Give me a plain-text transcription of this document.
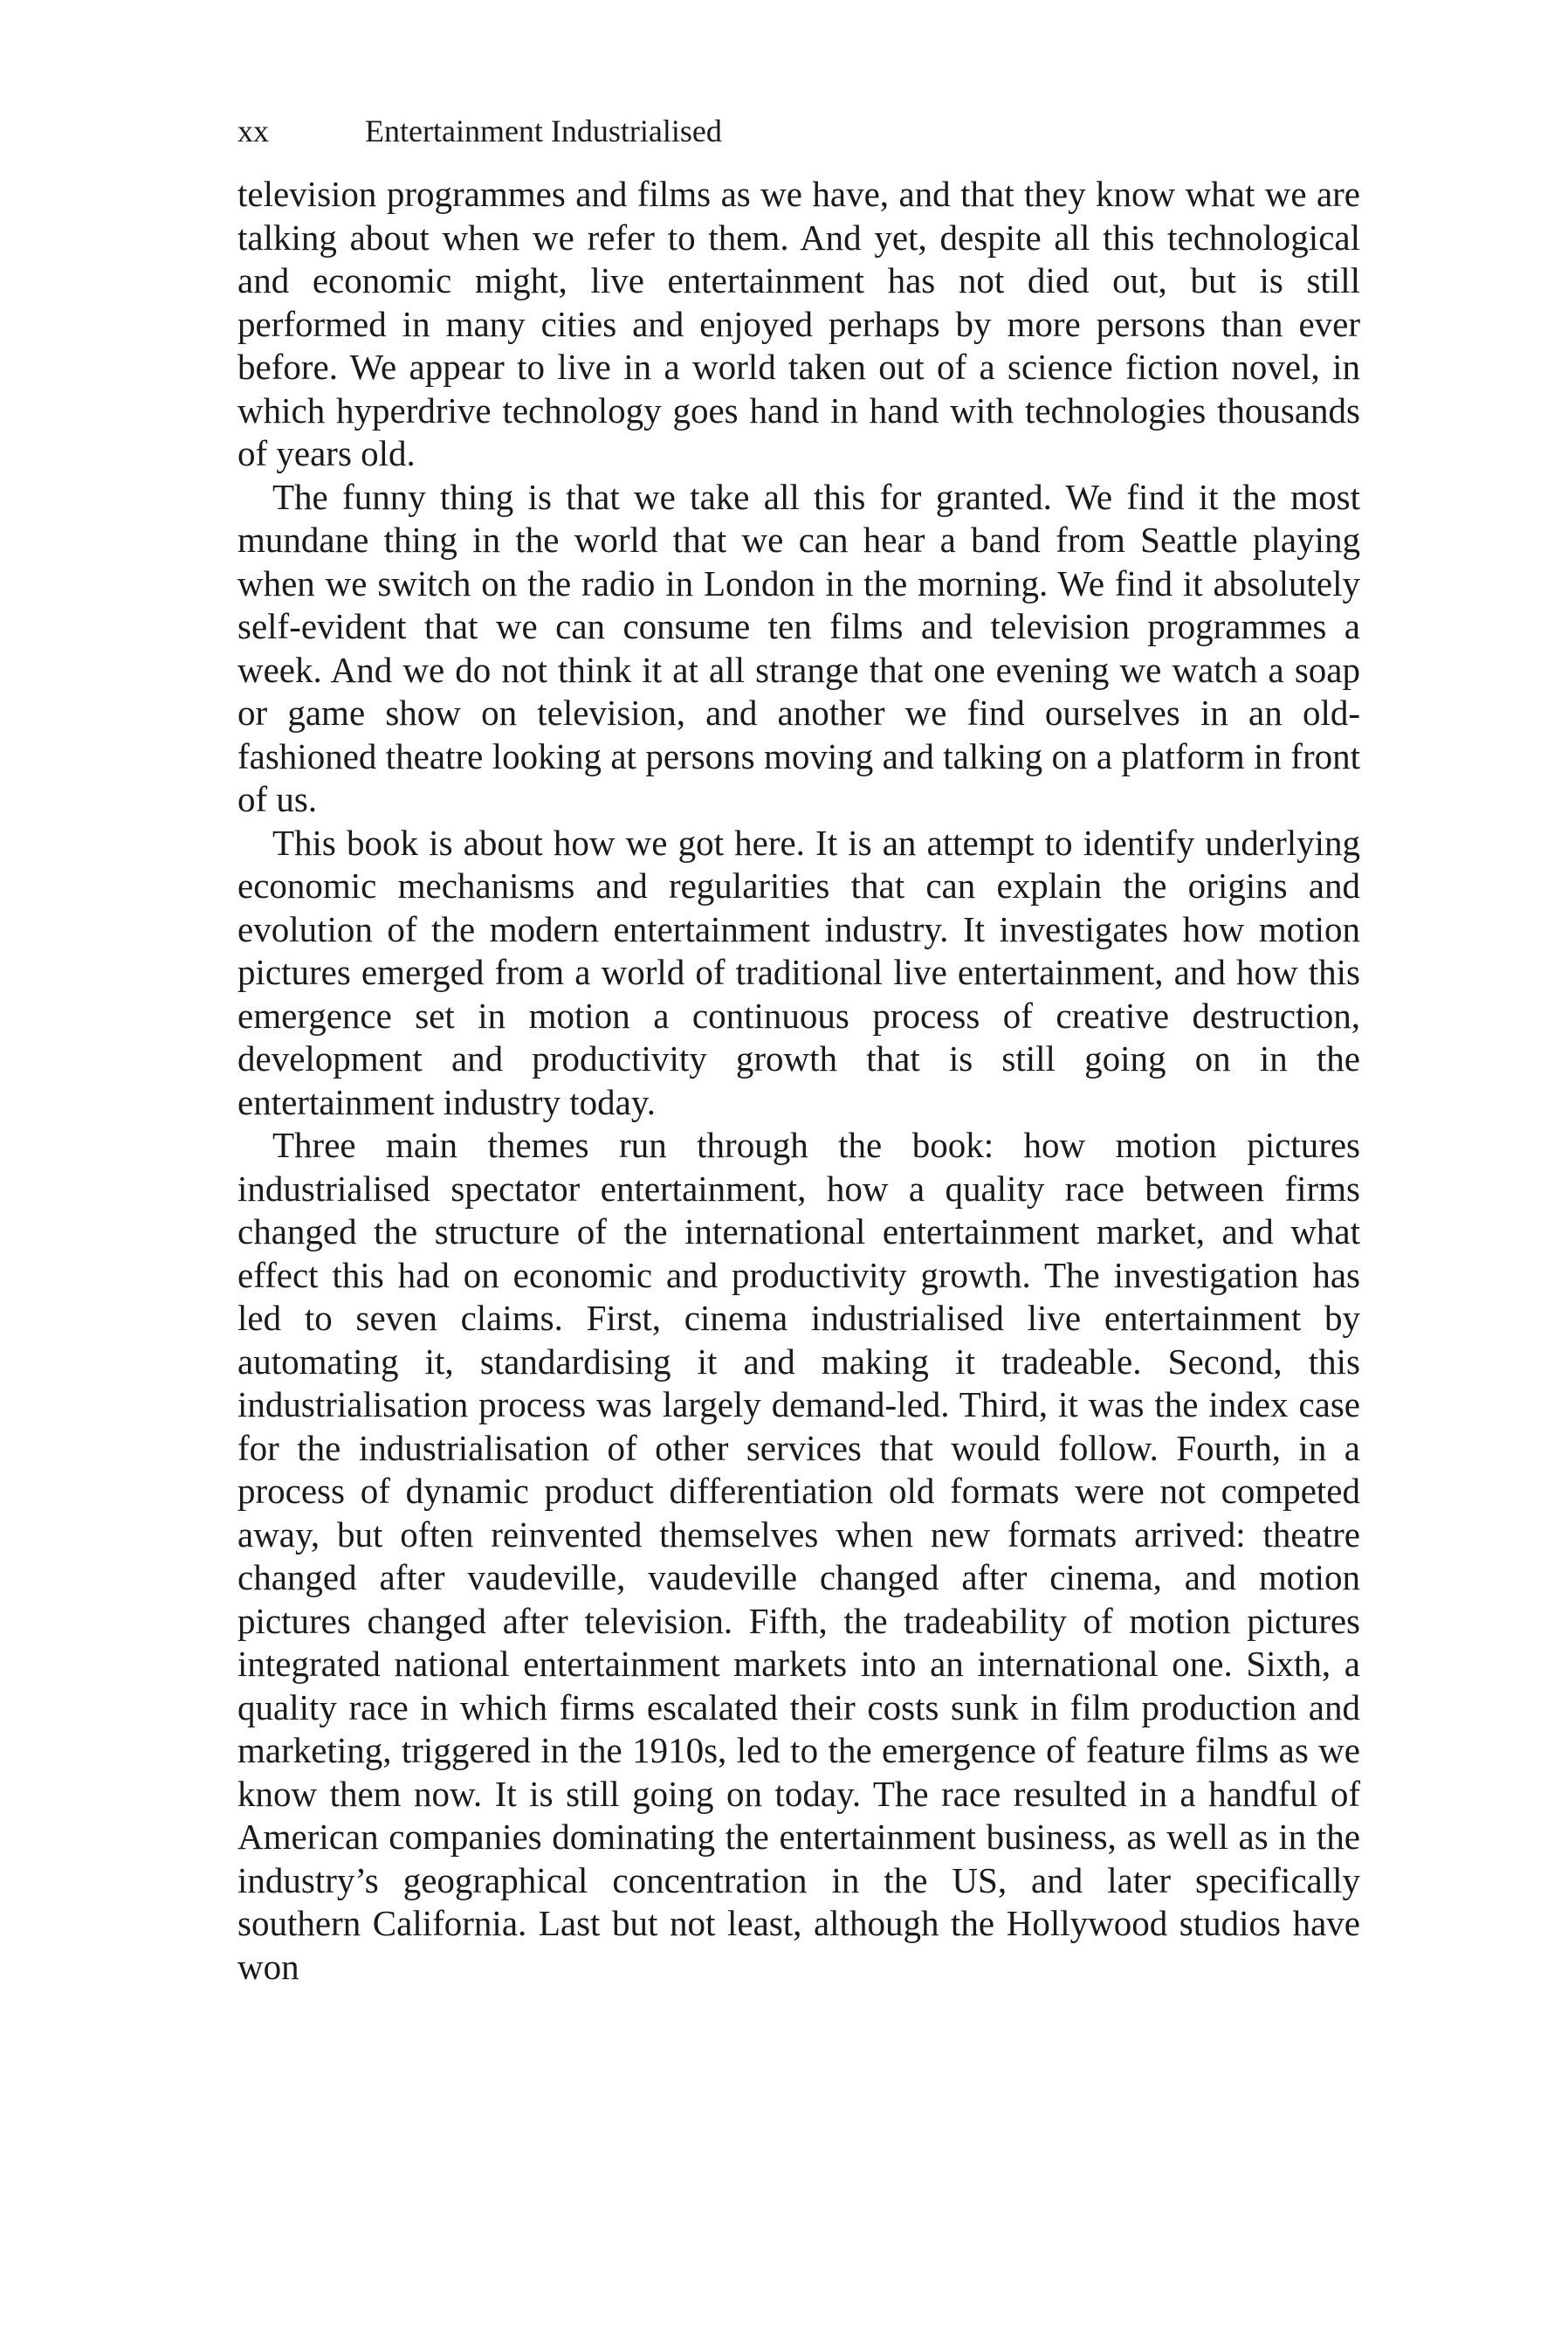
xx	Entertainment Industrialised

television programmes and films as we have, and that they know what we are talking about when we refer to them. And yet, despite all this technological and economic might, live entertainment has not died out, but is still performed in many cities and enjoyed perhaps by more persons than ever before. We appear to live in a world taken out of a science fiction novel, in which hyperdrive technology goes hand in hand with technologies thousands of years old.

The funny thing is that we take all this for granted. We find it the most mundane thing in the world that we can hear a band from Seattle playing when we switch on the radio in London in the morning. We find it absolutely self-evident that we can consume ten films and television programmes a week. And we do not think it at all strange that one evening we watch a soap or game show on television, and another we find ourselves in an old-fashioned theatre looking at persons moving and talking on a platform in front of us.

This book is about how we got here. It is an attempt to identify underlying economic mechanisms and regularities that can explain the origins and evolution of the modern entertainment industry. It investigates how motion pictures emerged from a world of traditional live entertainment, and how this emergence set in motion a continuous process of creative destruction, development and productivity growth that is still going on in the entertainment industry today.

Three main themes run through the book: how motion pictures industrialised spectator entertainment, how a quality race between firms changed the structure of the international entertainment market, and what effect this had on economic and productivity growth. The investigation has led to seven claims. First, cinema industrialised live entertainment by automating it, standardising it and making it tradeable. Second, this industrialisation process was largely demand-led. Third, it was the index case for the industrialisation of other services that would follow. Fourth, in a process of dynamic product differentiation old formats were not competed away, but often reinvented themselves when new formats arrived: theatre changed after vaudeville, vaudeville changed after cinema, and motion pictures changed after television. Fifth, the tradeability of motion pictures integrated national entertainment markets into an international one. Sixth, a quality race in which firms escalated their costs sunk in film production and marketing, triggered in the 1910s, led to the emergence of feature films as we know them now. It is still going on today. The race resulted in a handful of American companies dominating the entertainment business, as well as in the industry’s geographical concentration in the US, and later specifically southern California. Last but not least, although the Hollywood studios have won
